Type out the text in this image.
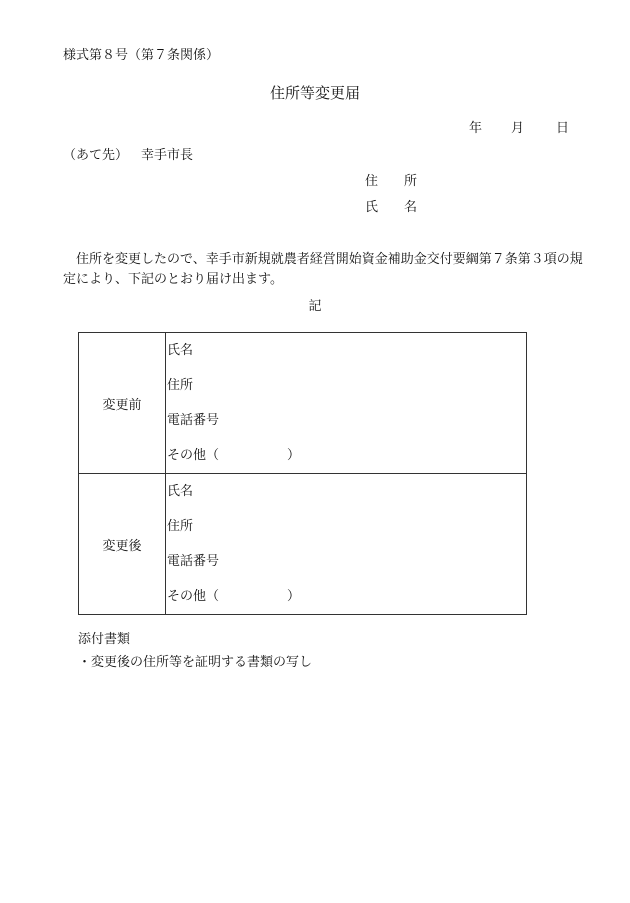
様式第８号（第７条関係）
住所等変更届
年 月 日
（あて先） 幸手市長
住 所
氏 名
住所を変更したので、幸手市新規就農者経営開始資金補助金交付要綱第７条第３項の規定により、下記のとおり届け出ます。
記
変更前	氏名
住所
電話番号
その他（ ）

変更後	氏名
住所
電話番号
その他（ ）
添付書類
・変更後の住所等を証明する書類の写し
